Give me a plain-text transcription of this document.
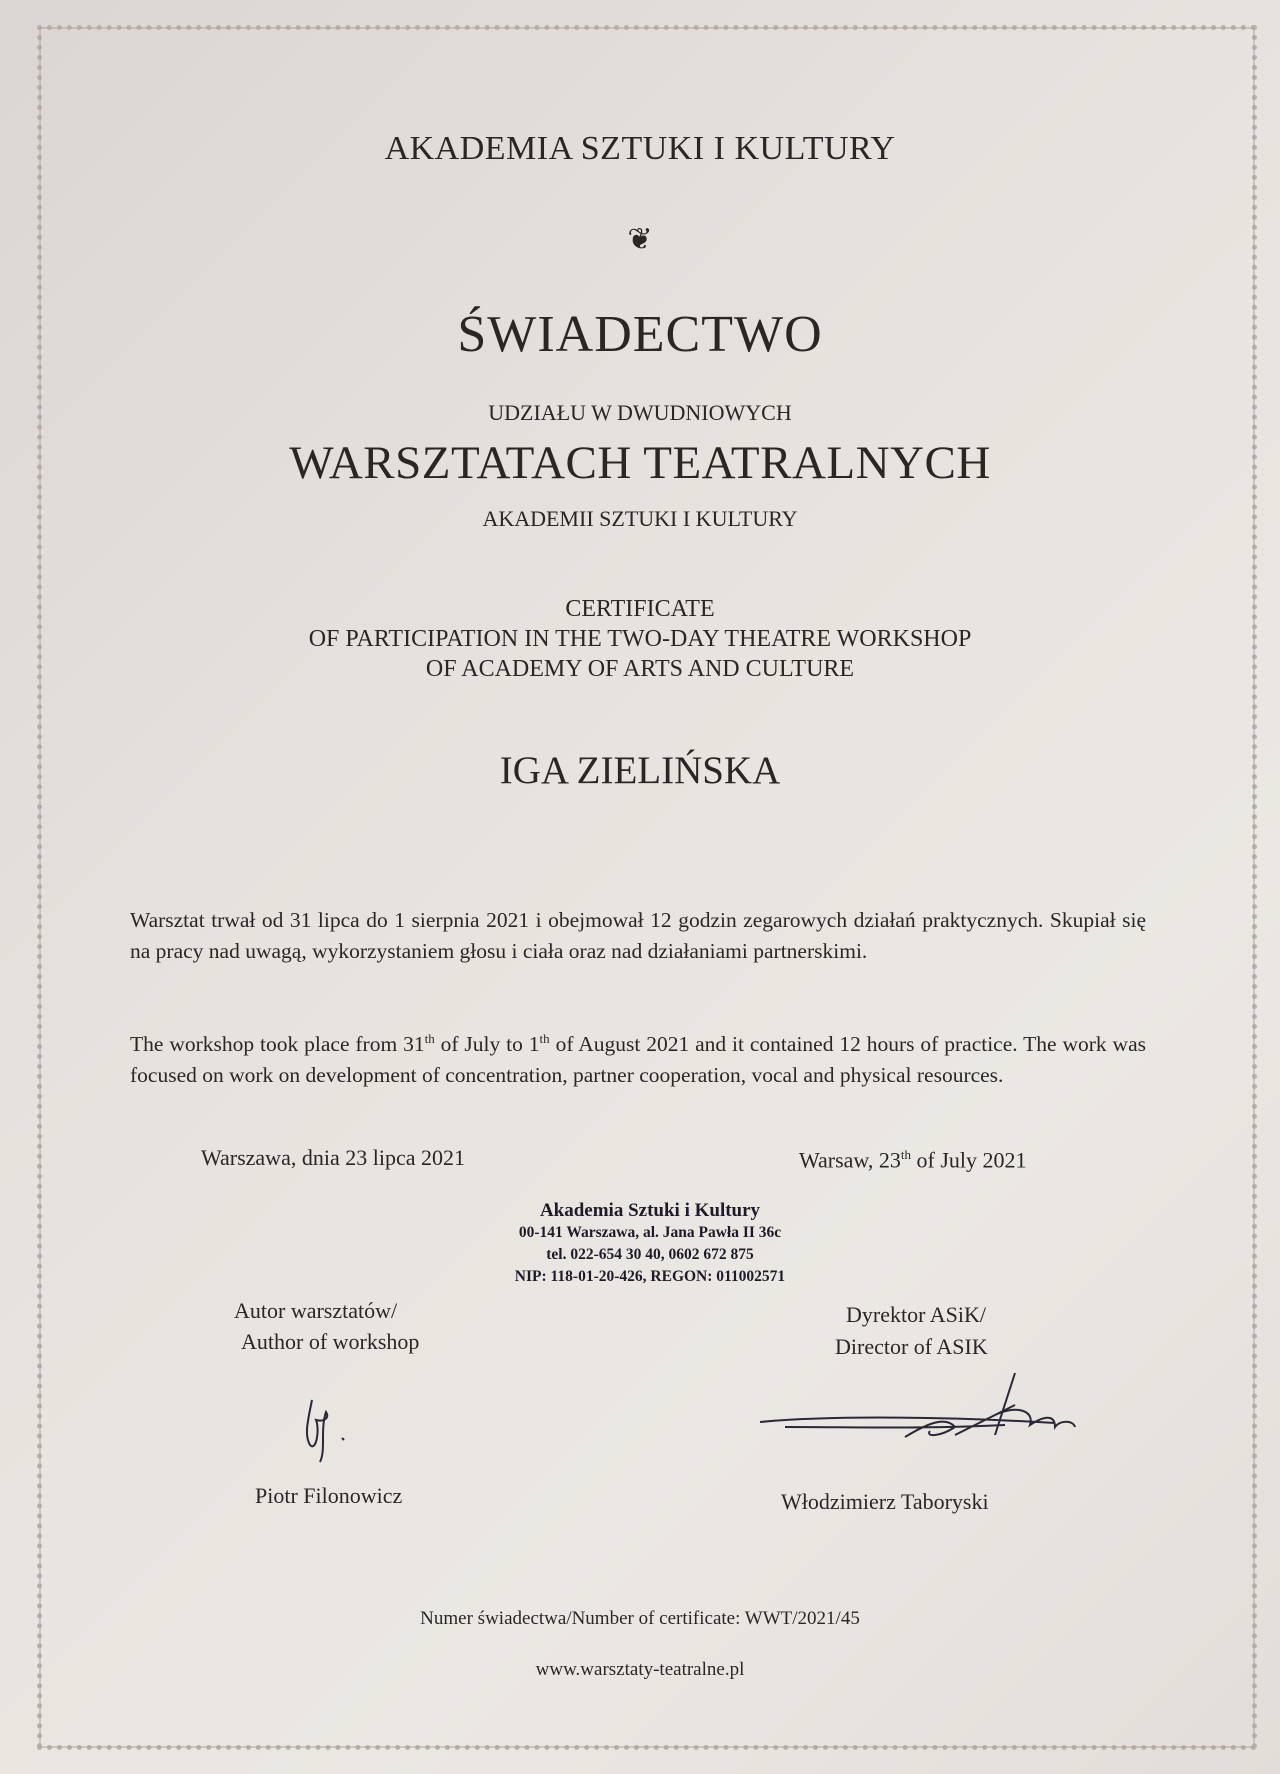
AKADEMIA SZTUKI I KULTURY
❦
ŚWIADECTWO
UDZIAŁU W DWUDNIOWYCH
WARSZTATACH TEATRALNYCH
AKADEMII SZTUKI I KULTURY
CERTIFICATE
OF PARTICIPATION IN THE TWO-DAY THEATRE WORKSHOP
OF ACADEMY OF ARTS AND CULTURE
IGA ZIELIŃSKA
Warsztat trwał od 31 lipca do 1 sierpnia 2021 i obejmował 12 godzin zegarowych działań praktycznych. Skupiał się na pracy nad uwagą, wykorzystaniem głosu i ciała oraz nad działaniami partnerskimi.
The workshop took place from 31th of July to 1th of August 2021 and it contained 12 hours of practice. The work was focused on work on development of concentration, partner cooperation, vocal and physical resources.
Warszawa, dnia 23 lipca 2021	Warsaw, 23th of July 2021
Akademia Sztuki i Kultury
00-141 Warszawa, al. Jana Pawła II 36c
tel. 022-654 30 40, 0602 672 875
NIP: 118-01-20-426, REGON: 011002571
Autor warsztatów/
Author of workshop
Dyrektor ASiK/
Director of ASIK
Piotr Filonowicz	Włodzimierz Taboryski
Numer świadectwa/Number of certificate: WWT/2021/45
www.warsztaty-teatralne.pl
